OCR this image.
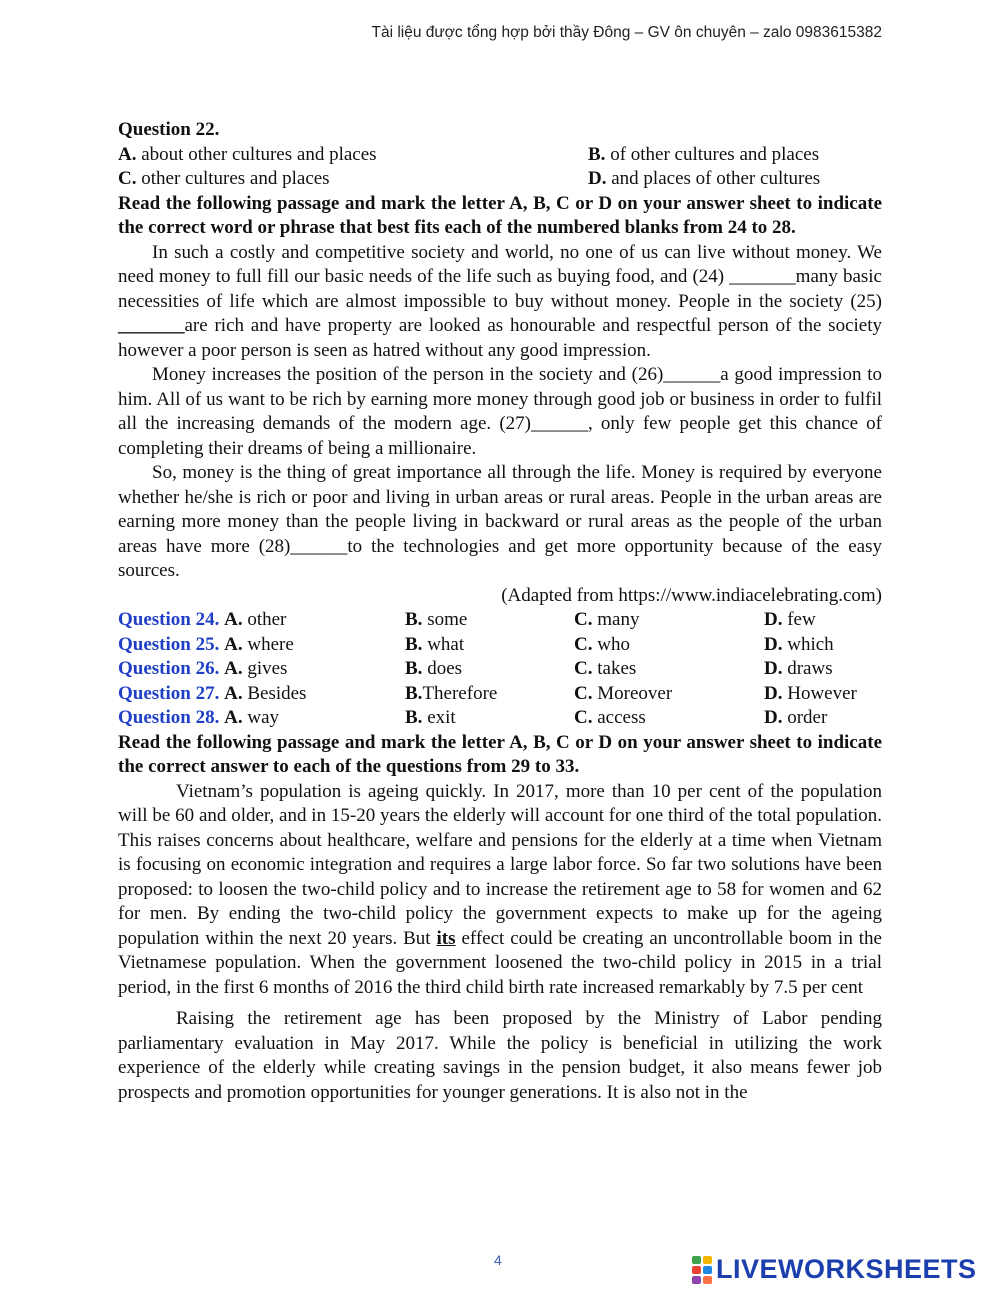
Tài liệu được tổng hợp bởi thầy Đông – GV ôn chuyên – zalo 0983615382
Question 22.
A. about other cultures and places	B. of other cultures and places
C. other cultures and places	D. and places of other cultures
Read the following passage and mark the letter A, B, C or D on your answer sheet to indicate the correct word or phrase that best fits each of the numbered blanks from 24 to 28.

In such a costly and competitive society and world, no one of us can live without money. We need money to full fill our basic needs of the life such as buying food, and (24) _______many basic necessities of life which are almost impossible to buy without money. People in the society (25) _______are rich and have property are looked as honourable and respectful person of the society however a poor person is seen as hatred without any good impression.

Money increases the position of the person in the society and (26)______a good impression to him. All of us want to be rich by earning more money through good job or business in order to fulfil all the increasing demands of the modern age. (27)______, only few people get this chance of completing their dreams of being a millionaire.

So, money is the thing of great importance all through the life. Money is required by everyone whether he/she is rich or poor and living in urban areas or rural areas. People in the urban areas are earning more money than the people living in backward or rural areas as the people of the urban areas have more (28)______to the technologies and get more opportunity because of the easy sources.

(Adapted from https://www.indiacelebrating.com)
Question 24. A. other	B. some	C. many	D. few
Question 25. A. where	B. what	C. who	D. which
Question 26. A. gives	B. does	C. takes	D. draws
Question 27. A. Besides	B.Therefore	C. Moreover	D. However
Question 28. A. way	B. exit	C. access	D. order
Read the following passage and mark the letter A, B, C or D on your answer sheet to indicate the correct answer to each of the questions from 29 to 33.

Vietnam’s population is ageing quickly. In 2017, more than 10 per cent of the population will be 60 and older, and in 15-20 years the elderly will account for one third of the total population. This raises concerns about healthcare, welfare and pensions for the elderly at a time when Vietnam is focusing on economic integration and requires a large labor force. So far two solutions have been proposed: to loosen the two-child policy and to increase the retirement age to 58 for women and 62 for men. By ending the two-child policy the government expects to make up for the ageing population within the next 20 years. But its effect could be creating an uncontrollable boom in the Vietnamese population. When the government loosened the two-child policy in 2015 in a trial period, in the first 6 months of 2016 the third child birth rate increased remarkably by 7.5 per cent

Raising the retirement age has been proposed by the Ministry of Labor pending parliamentary evaluation in May 2017. While the policy is beneficial in utilizing the work experience of the elderly while creating savings in the pension budget, it also means fewer job prospects and promotion opportunities for younger generations. It is also not in the

4	LIVEWORKSHEETS
